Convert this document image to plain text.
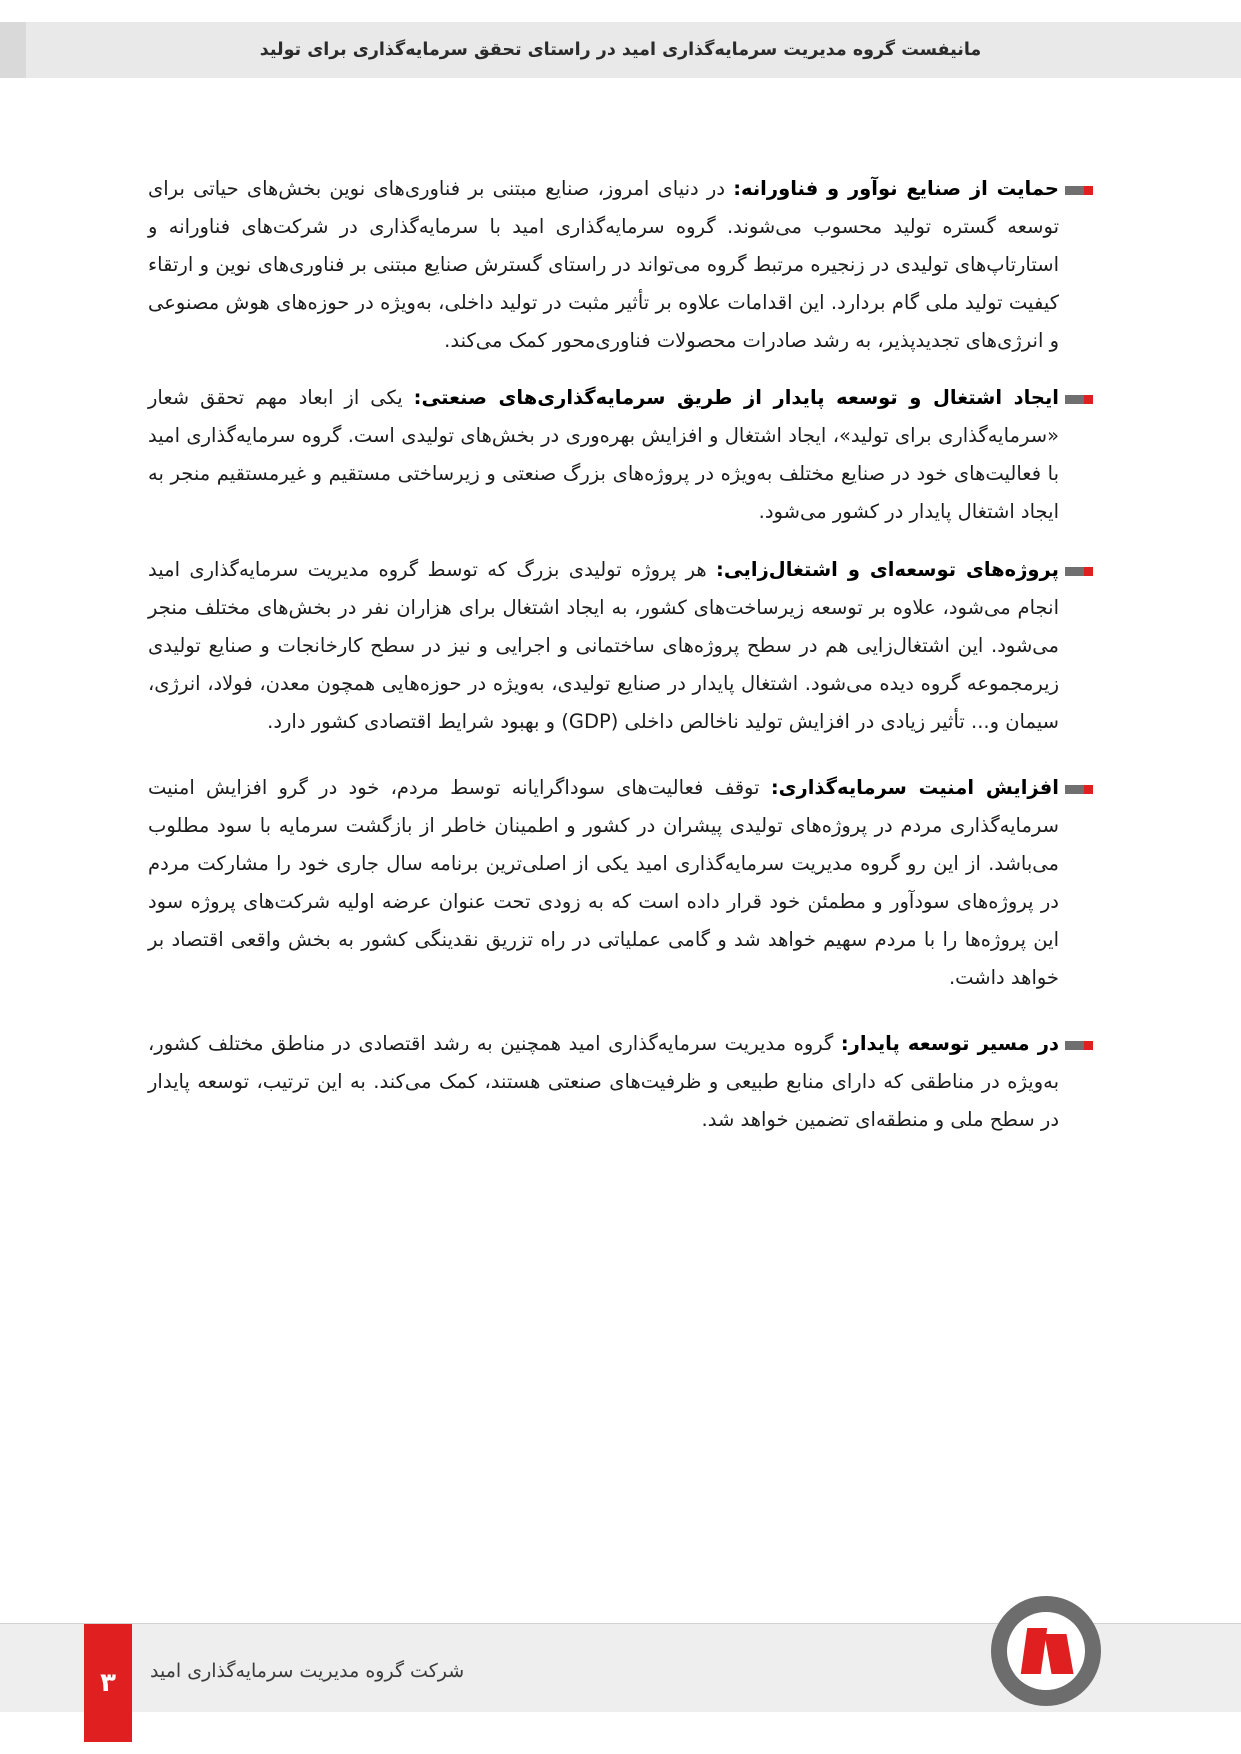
مانیفست گروه مدیریت سرمایه‌گذاری امید در راستای تحقق سرمایه‌گذاری برای تولید

حمایت از صنایع نوآور و فناورانه: در دنیای امروز، صنایع مبتنی بر فناوری‌های نوین بخش‌های حیاتی برای توسعه گستره تولید محسوب می‌شوند. گروه سرمایه‌گذاری امید با سرمایه‌گذاری در شرکت‌های فناورانه و استارتاپ‌های تولیدی در زنجیره مرتبط گروه می‌تواند در راستای گسترش صنایع مبتنی بر فناوری‌های نوین و ارتقاء کیفیت تولید ملی گام بردارد. این اقدامات علاوه بر تأثیر مثبت در تولید داخلی، به‌ویژه در حوزه‌های هوش مصنوعی و انرژی‌های تجدیدپذیر، به رشد صادرات محصولات فناوری‌محور کمک می‌کند.

ایجاد اشتغال و توسعه پایدار از طریق سرمایه‌گذاری‌های صنعتی: یکی از ابعاد مهم تحقق شعار «سرمایه‌گذاری برای تولید»، ایجاد اشتغال و افزایش بهره‌وری در بخش‌های تولیدی است. گروه سرمایه‌گذاری امید با فعالیت‌های خود در صنایع مختلف به‌ویژه در پروژه‌های بزرگ صنعتی و زیرساختی مستقیم و غیرمستقیم منجر به ایجاد اشتغال پایدار در کشور می‌شود.

پروژه‌های توسعه‌ای و اشتغال‌زایی: هر پروژه تولیدی بزرگ که توسط گروه مدیریت سرمایه‌گذاری امید انجام می‌شود، علاوه بر توسعه زیرساخت‌های کشور، به ایجاد اشتغال برای هزاران نفر در بخش‌های مختلف منجر می‌شود. این اشتغال‌زایی هم در سطح پروژه‌های ساختمانی و اجرایی و نیز در سطح کارخانجات و صنایع تولیدی زیرمجموعه گروه دیده می‌شود. اشتغال پایدار در صنایع تولیدی، به‌ویژه در حوزه‌هایی همچون معدن، فولاد، انرژی، سیمان و... تأثیر زیادی در افزایش تولید ناخالص داخلی (GDP) و بهبود شرایط اقتصادی کشور دارد.

افزایش امنیت سرمایه‌گذاری: توقف فعالیت‌های سوداگرایانه توسط مردم، خود در گرو افزایش امنیت سرمایه‌گذاری مردم در پروژه‌های تولیدی پیشران در کشور و اطمینان خاطر از بازگشت سرمایه با سود مطلوب می‌باشد. از این رو گروه مدیریت سرمایه‌گذاری امید یکی از اصلی‌ترین برنامه سال جاری خود را مشارکت مردم در پروژه‌های سودآور و مطمئن خود قرار داده است که به زودی تحت عنوان عرضه اولیه شرکت‌های پروژه سود این پروژه‌ها را با مردم سهیم خواهد شد و گامی عملیاتی در راه تزریق نقدینگی کشور به بخش واقعی اقتصاد بر خواهد داشت.

در مسیر توسعه پایدار: گروه مدیریت سرمایه‌گذاری امید همچنین به رشد اقتصادی در مناطق مختلف کشور، به‌ویژه در مناطقی که دارای منابع طبیعی و ظرفیت‌های صنعتی هستند، کمک می‌کند. به این ترتیب، توسعه پایدار در سطح ملی و منطقه‌ای تضمین خواهد شد.

۳	شرکت گروه مدیریت سرمایه‌گذاری امید
